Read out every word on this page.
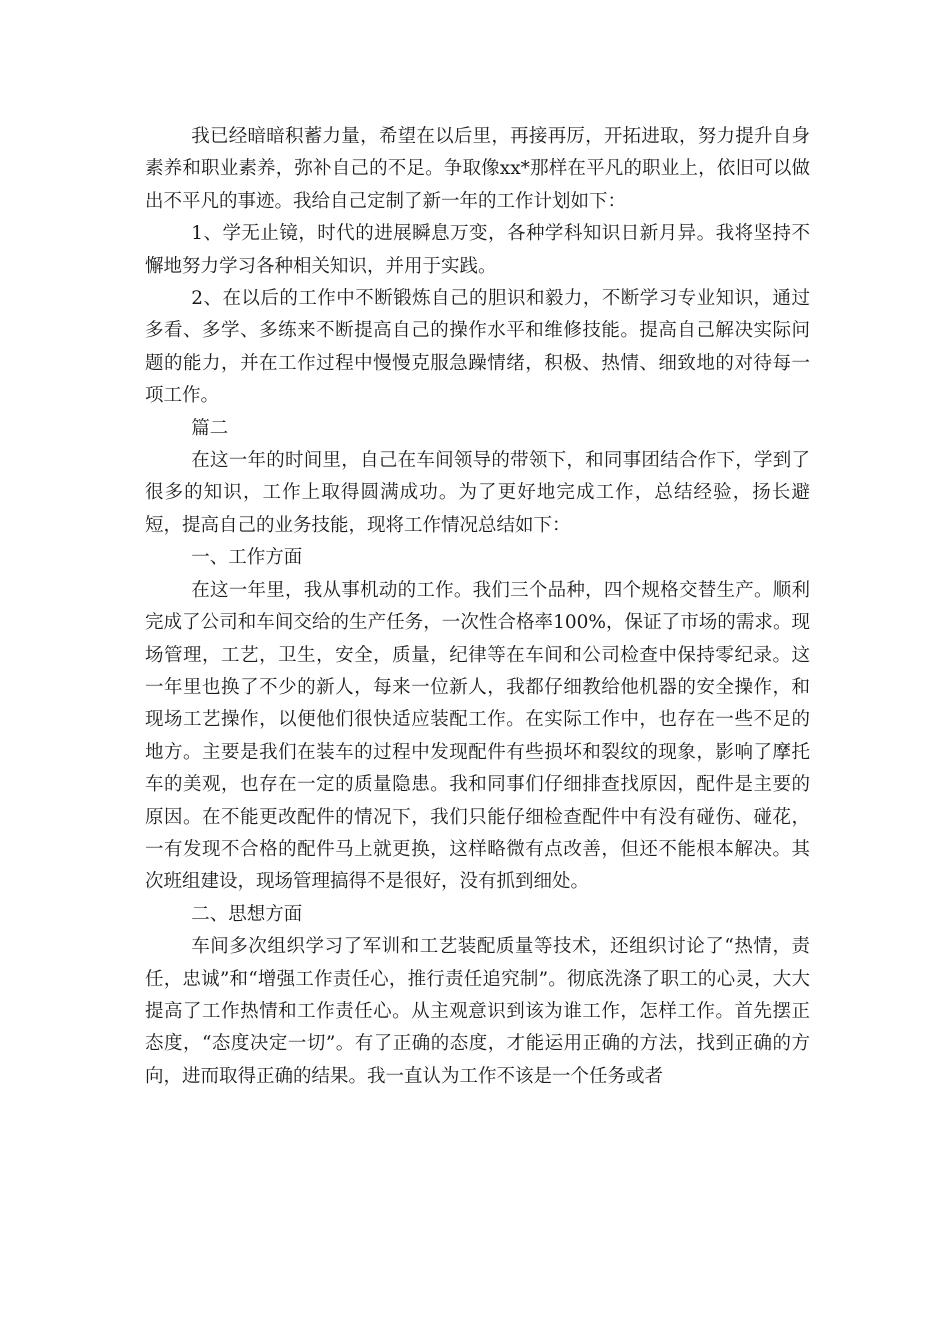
我已经暗暗积蓄力量，希望在以后里，再接再厉，开拓进取，努力提升自身素养和职业素养，弥补自己的不足。争取像xx*那样在平凡的职业上，依旧可以做出不平凡的事迹。我给自己定制了新一年的工作计划如下：

1、学无止镜，时代的进展瞬息万变，各种学科知识日新月异。我将坚持不懈地努力学习各种相关知识，并用于实践。

2、在以后的工作中不断锻炼自己的胆识和毅力，不断学习专业知识，通过多看、多学、多练来不断提高自己的操作水平和维修技能。提高自己解决实际问题的能力，并在工作过程中慢慢克服急躁情绪，积极、热情、细致地的对待每一项工作。

篇二

在这一年的时间里，自己在车间领导的带领下，和同事团结合作下，学到了很多的知识，工作上取得圆满成功。为了更好地完成工作，总结经验，扬长避短，提高自己的业务技能，现将工作情况总结如下：

一、工作方面

在这一年里，我从事机动的工作。我们三个品种，四个规格交替生产。顺利完成了公司和车间交给的生产任务，一次性合格率100%，保证了市场的需求。现场管理，工艺，卫生，安全，质量，纪律等在车间和公司检查中保持零纪录。这一年里也换了不少的新人，每来一位新人，我都仔细教给他机器的安全操作，和现场工艺操作，以便他们很快适应装配工作。在实际工作中，也存在一些不足的地方。主要是我们在装车的过程中发现配件有些损坏和裂纹的现象，影响了摩托车的美观，也存在一定的质量隐患。我和同事们仔细排查找原因，配件是主要的原因。在不能更改配件的情况下，我们只能仔细检查配件中有没有碰伤、碰花，一有发现不合格的配件马上就更换，这样略微有点改善，但还不能根本解决。其次班组建设，现场管理搞得不是很好，没有抓到细处。

二、思想方面

车间多次组织学习了军训和工艺装配质量等技术，还组织讨论了“热情，责任，忠诚”和“增强工作责任心，推行责任追究制”。彻底洗涤了职工的心灵，大大提高了工作热情和工作责任心。从主观意识到该为谁工作，怎样工作。首先摆正态度，“态度决定一切”。有了正确的态度，才能运用正确的方法，找到正确的方向，进而取得正确的结果。我一直认为工作不该是一个任务或者
